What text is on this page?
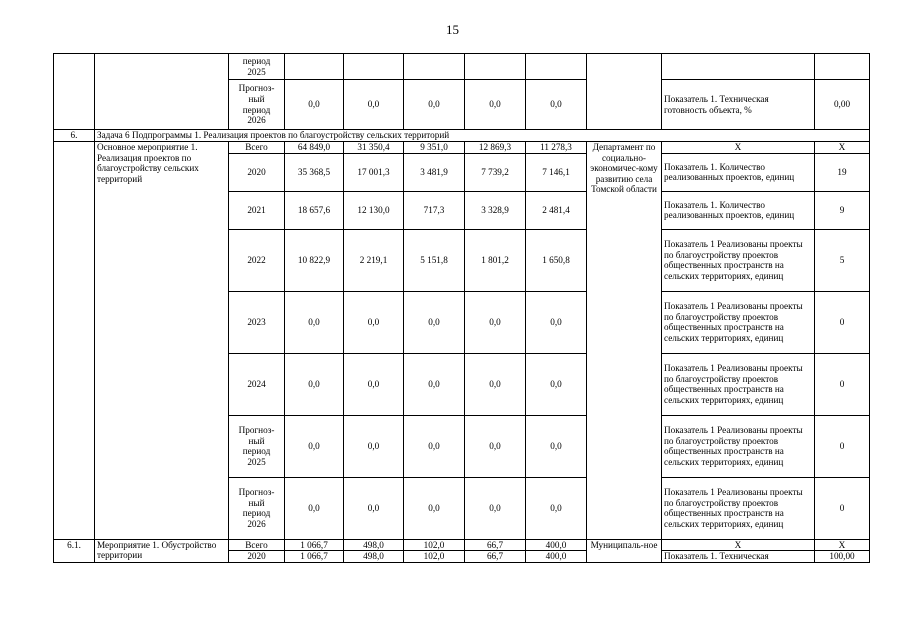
15

		период
2025								

		Прогноз-
ный
период
2026	0,0	0,0	0,0	0,0	0,0		Показатель 1. Техническая готовность объекта, %	0,00
6.	Задача 6 Подпрограммы 1. Реализация проектов по благоустройству сельских территорий									
	Основное мероприятие 1. Реализация проектов по благоустройству сельских территорий	Всего	64 849,0	31 350,4	9 351,0	12 869,3	11 278,3	Департамент по социально-экономичес-кому развитию села Томской области	Х	Х
		2020	35 368,5	17 001,3	3 481,9	7 739,2	7 146,1		Показатель 1. Количество реализованных проектов, единиц	19
		2021	18 657,6	12 130,0	717,3	3 328,9	2 481,4		Показатель 1. Количество реализованных проектов, единиц	9
		2022	10 822,9	2 219,1	5 151,8	1 801,2	1 650,8		Показатель 1 Реализованы проекты по благоустройству проектов общественных пространств на сельских территориях, единиц	5
		2023	0,0	0,0	0,0	0,0	0,0		Показатель 1 Реализованы проекты по благоустройству проектов общественных пространств на сельских территориях, единиц	0
		2024	0,0	0,0	0,0	0,0	0,0		Показатель 1 Реализованы проекты по благоустройству проектов общественных пространств на сельских территориях, единиц	0

		Прогноз-
ный
период
2025	0,0	0,0	0,0	0,0	0,0		Показатель 1 Реализованы проекты по благоустройству проектов общественных пространств на сельских территориях, единиц	0

		Прогноз-
ный
период
2026	0,0	0,0	0,0	0,0	0,0		Показатель 1 Реализованы проекты по благоустройству проектов общественных пространств на сельских территориях, единиц	0
6.1.	Мероприятие 1. Обустройство территории	Всего	1 066,7	498,0	102,0	66,7	400,0	Муниципаль-ное	Х	Х
		2020	1 066,7	498,0	102,0	66,7	400,0		Показатель 1. Техническая	100,00
